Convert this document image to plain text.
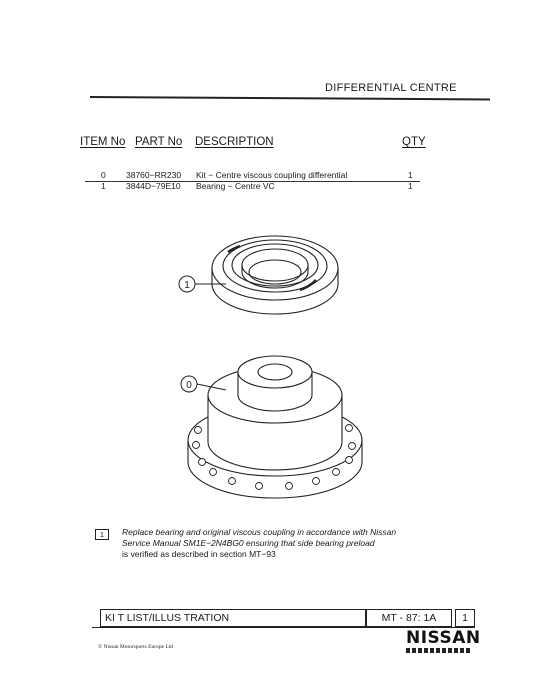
DIFFERENTIAL CENTRE
ITEM No PART No DESCRIPTION	QTY
0 38760−RR230 Kit − Centre viscous coupling differential	1
1 3844D−79E10 Bearing − Centre VC	1
1
0
1	Replace bearing and original viscous coupling in accordance with Nissan
Service Manual SM1E−2N4BG0 ensuring that side bearing preload
is verified as described in section MT−93
KI T LIST/ILLUS TRATION	MT - 87: 1A	1
NISSAN
© Nissan Motorsports Europe Ltd
